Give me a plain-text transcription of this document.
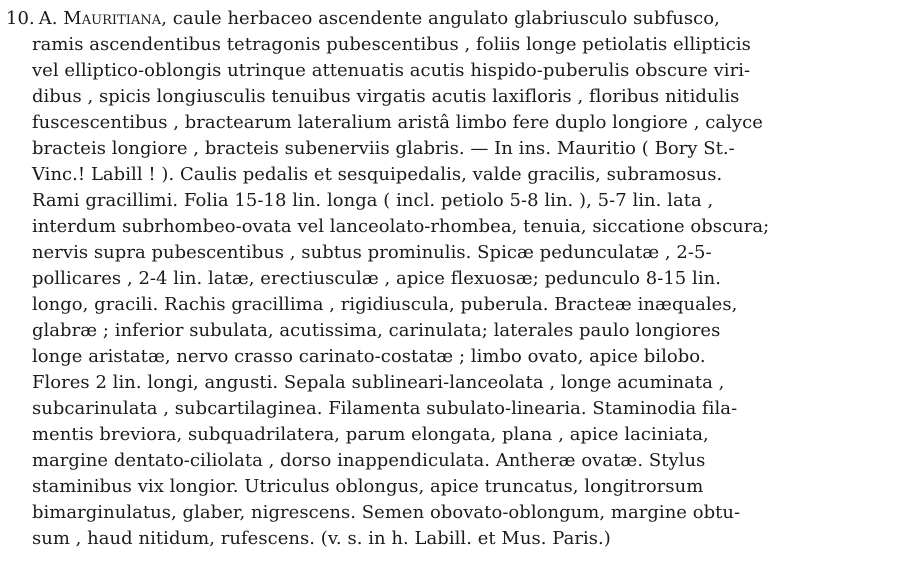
10. A. Mauritiana, caule herbaceo ascendente angulato glabriusculo subfusco,
ramis ascendentibus tetragonis pubescentibus , foliis longe petiolatis ellipticis
vel elliptico-oblongis utrinque attenuatis acutis hispido-puberulis obscure viri-
dibus , spicis longiusculis tenuibus virgatis acutis laxifloris , floribus nitidulis
fuscescentibus , bractearum lateralium aristâ limbo fere duplo longiore , calyce
bracteis longiore , bracteis subenerviis glabris. — In ins. Mauritio ( Bory St.-
Vinc.! Labill ! ). Caulis pedalis et sesquipedalis, valde gracilis, subramosus.
Rami gracillimi. Folia 15-18 lin. longa ( incl. petiolo 5-8 lin. ), 5-7 lin. lata ,
interdum subrhombeo-ovata vel lanceolato-rhombea, tenuia, siccatione obscura;
nervis supra pubescentibus , subtus prominulis. Spicæ pedunculatæ , 2-5-
pollicares , 2-4 lin. latæ, erectiusculæ , apice flexuosæ; pedunculo 8-15 lin.
longo, gracili. Rachis gracillima , rigidiuscula, puberula. Bracteæ inæquales,
glabræ ; inferior subulata, acutissima, carinulata; laterales paulo longiores
longe aristatæ, nervo crasso carinato-costatæ ; limbo ovato, apice bilobo.
Flores 2 lin. longi, angusti. Sepala sublineari-lanceolata , longe acuminata ,
subcarinulata , subcartilaginea. Filamenta subulato-linearia. Staminodia fila-
mentis breviora, subquadrilatera, parum elongata, plana , apice laciniata,
margine dentato-ciliolata , dorso inappendiculata. Antheræ ovatæ. Stylus
staminibus vix longior. Utriculus oblongus, apice truncatus, longitrorsum
bimarginulatus, glaber, nigrescens. Semen obovato-oblongum, margine obtu-
sum , haud nitidum, rufescens. (v. s. in h. Labill. et Mus. Paris.)
